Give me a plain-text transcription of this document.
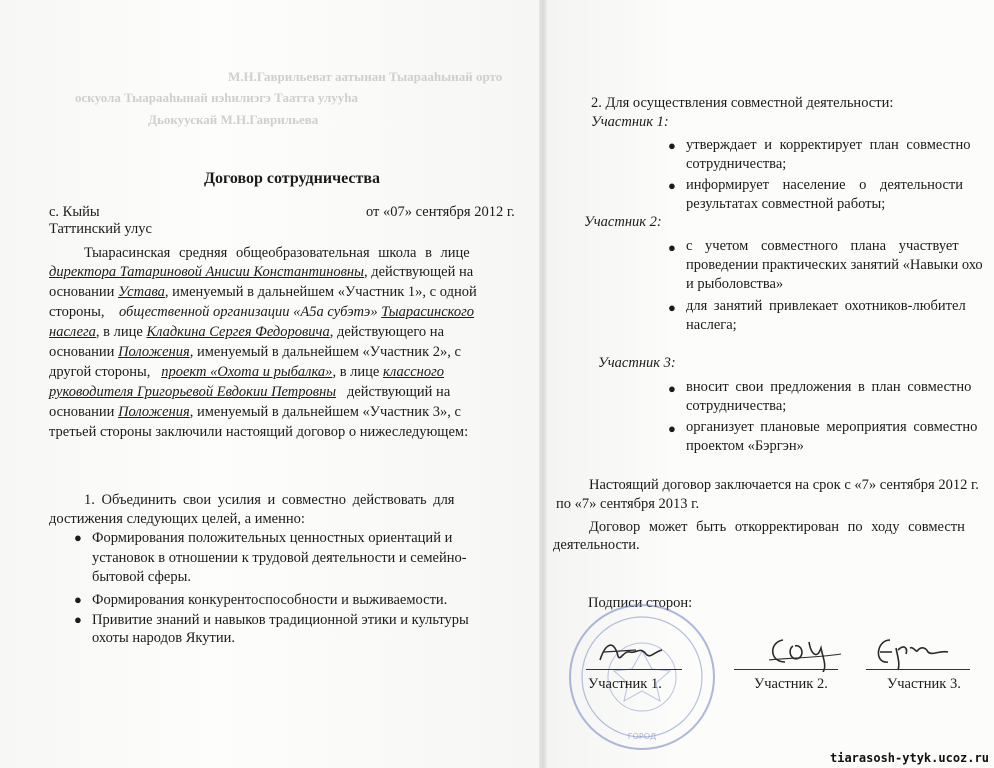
М.Н.Гаврильеват аатынан Тыарааһынай орто
оскуола Тыарааһынай нэһилиэгэ Таатта улууһа
Дьокуускай М.Н.Гаврильева
Договор сотрудничества
с. Кыйы	от «07» сентября 2012 г.
Таттинский улус
Тыарасинская средняя общеобразовательная школа в лице
директора Татариновой Анисии Константиновны, действующей на
основании Устава, именуемый в дальнейшем «Участник 1», с одной
стороны, общественной организации «А5а субэтэ» Тыарасинского
наслега, в лице Кладкина Сергея Федоровича, действующего на
основании Положения, именуемый в дальнейшем «Участник 2», с
другой стороны, проект «Охота и рыбалка», в лице классного
руководителя Григорьевой Евдокии Петровны действующий на
основании Положения, именуемый в дальнейшем «Участник 3», с
третьей стороны заключили настоящий договор о нижеследующем:
1. Объединить свои усилия и совместно действовать для
достижения следующих целей, а именно:
● Формирования положительных ценностных ориентаций и
установок в отношении к трудовой деятельности и семейно-
бытовой сферы.
● Формирования конкурентоспособности и выживаемости.
● Привитие знаний и навыков традиционной этики и культуры
охоты народов Якутии.
2. Для осуществления совместной деятельности:
Участник 1:
● утверждает и корректирует план совместно
сотрудничества;
● информирует население о деятельности
результатах совместной работы;
Участник 2:
● с учетом совместного плана участвует
проведении практических занятий «Навыки охо
и рыболовства»
● для занятий привлекает охотников-любител
наслега;
Участник 3:
● вносит свои предложения в план совместно
сотрудничества;
● организует плановые мероприятия совместно
проектом «Бэргэн»
Настоящий договор заключается на срок с «7» сентября 2012 г.
по «7» сентября 2013 г.
Договор может быть откорректирован по ходу совместн
деятельности.
Подписи сторон:
ГОРОД
Участник 1.	Участник 2.	Участник 3.
tiarasosh-ytyk.ucoz.ru
